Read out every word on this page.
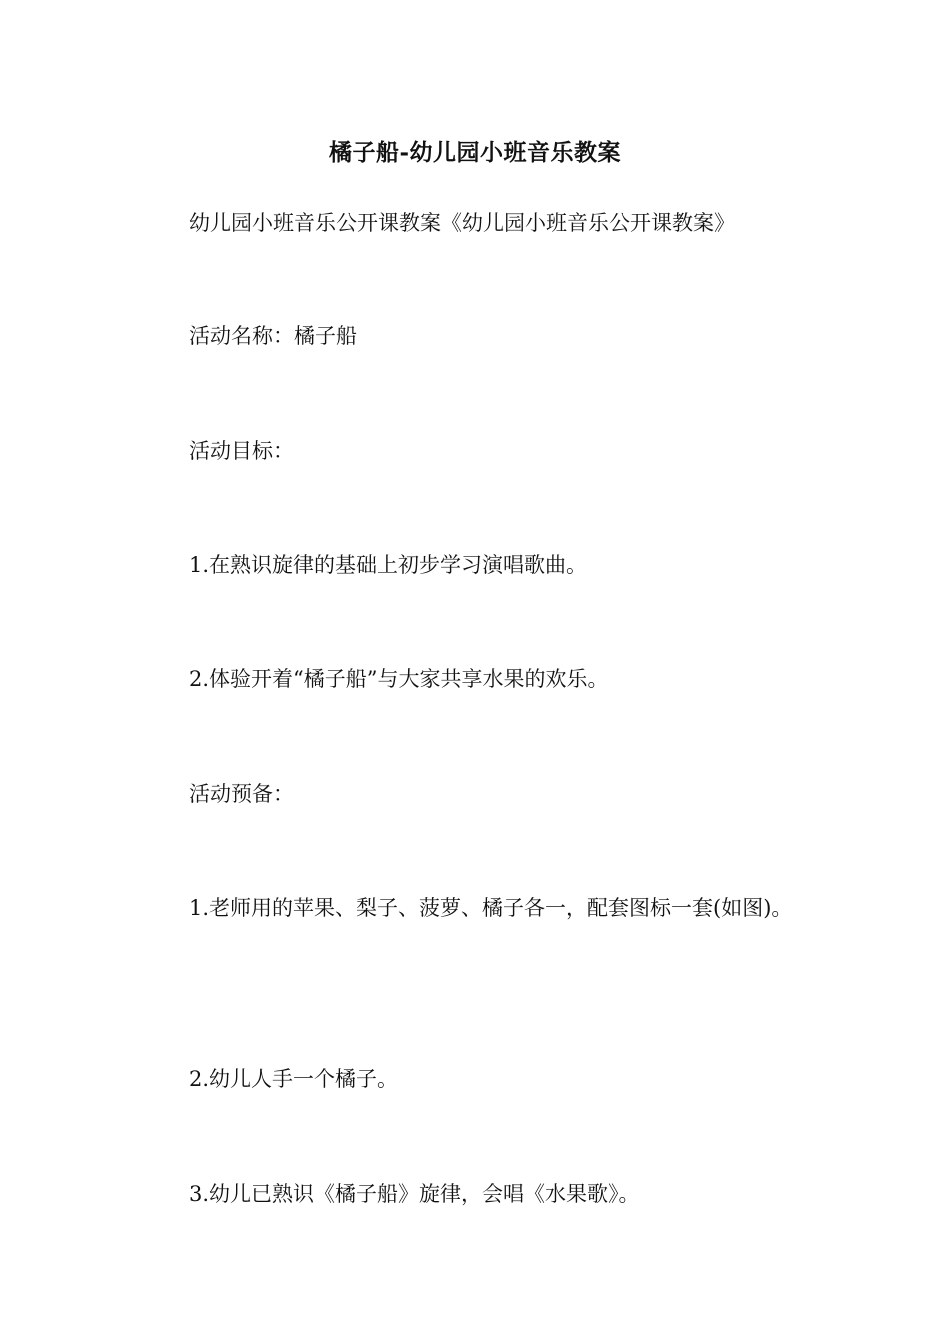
橘子船-幼儿园小班音乐教案

幼儿园小班音乐公开课教案《幼儿园小班音乐公开课教案》

活动名称：橘子船

活动目标：

1.在熟识旋律的基础上初步学习演唱歌曲。

2.体验开着“橘子船”与大家共享水果的欢乐。

活动预备：

1.老师用的苹果、梨子、菠萝、橘子各一，配套图标一套(如图)。

2.幼儿人手一个橘子。

3.幼儿已熟识《橘子船》旋律，会唱《水果歌》。
